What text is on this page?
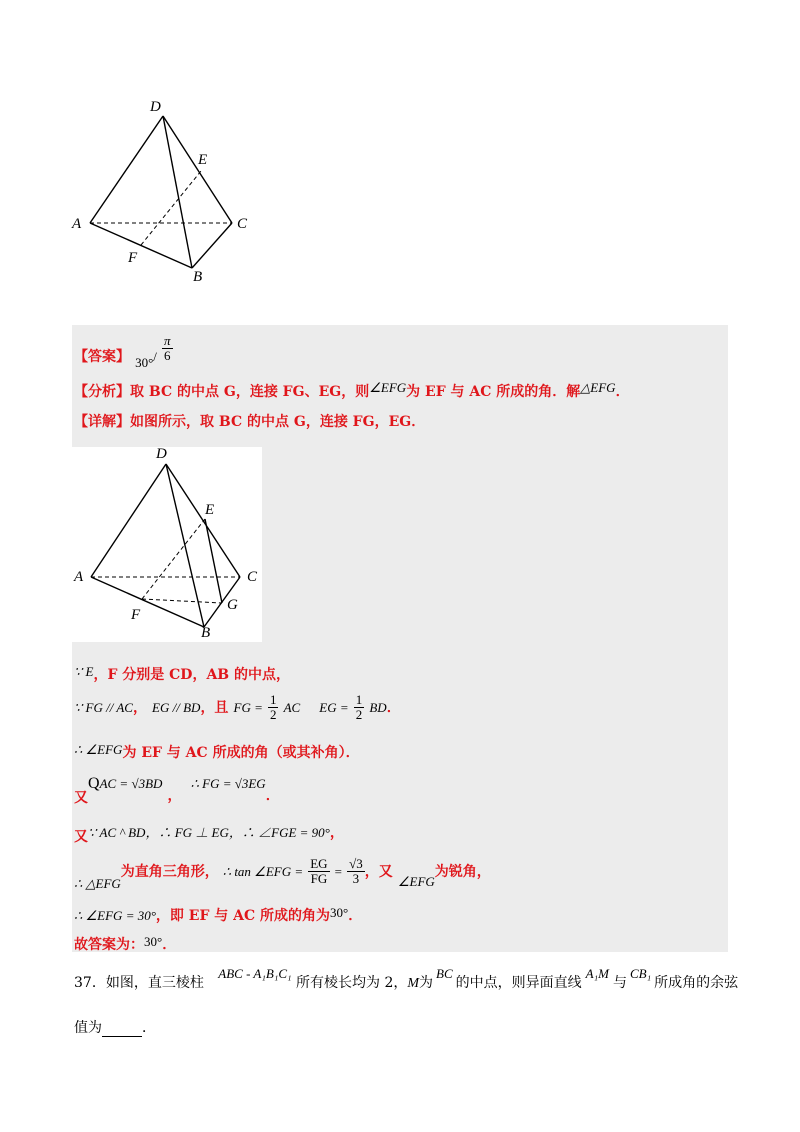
D
E
A	C
F
B
【答案】 $_{30^\circ}/ \frac{\pi}{6}$
【分析】取 BC 的中点 G，连接 FG、EG，则$^{\angle EFG}$为 EF 与 AC 所成的角．解$^{\triangle EFG}$．
【详解】如图所示，取 BC 的中点 G，连接 FG，EG．
D
E
A	C
F
G
B
∵ E，F 分别是 CD，AB 的中点，
∵ FG // AC， EG // BD，且 FG = $\frac{1}{2}$ AC EG = $\frac{1}{2}$ BD．
∴ ∠EFG为 EF 与 AC 所成的角（或其补角）．
又QAC = √3BD ， ∴ FG = √3EG．
又∵ AC ^ BD，∴ FG ⊥ EG，∴ ∠FGE = 90°，
$_{\therefore \triangle EFG}$为直角三角形， ∴ tan ∠EFG = $\frac{EG}{FG} = \frac{√3}{3}$ ，又 $_{\angle EFG}$为锐角，
∴ ∠EFG = 30°，即 EF 与 AC 所成的角为30°．
故答案为：30°．
37．如图，直三棱柱 ABC - A₁B₁C₁ 所有棱长均为 2，M为BC的中点，则异面直线A₁M与CB₁所成角的余弦
值为	．
